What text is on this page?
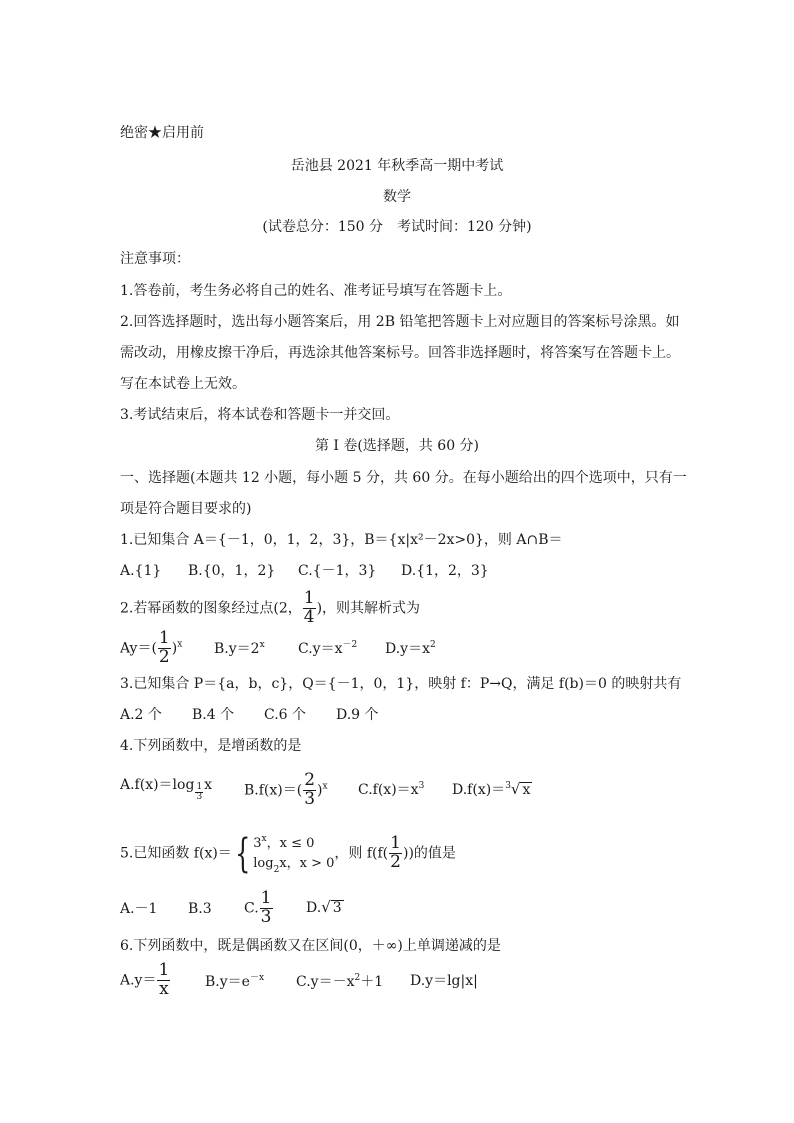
绝密★启用前
岳池县 2021 年秋季高一期中考试
数学
(试卷总分：150 分　考试时间：120 分钟)
注意事项：
1.答卷前，考生务必将自己的姓名、准考证号填写在答题卡上。
2.回答选择题时，选出每小题答案后，用 2B 铅笔把答题卡上对应题目的答案标号涂黑。如
需改动，用橡皮擦干净后，再选涂其他答案标号。回答非选择题时，将答案写在答题卡上。
写在本试卷上无效。
3.考试结束后，将本试卷和答题卡一并交回。
第 I 卷(选择题，共 60 分)
一、选择题(本题共 12 小题，每小题 5 分，共 60 分。在每小题给出的四个选项中，只有一
项是符合题目要求的)
1.已知集合 A＝{－1，0，1，2，3}，B＝{x|x²－2x>0}，则 A∩B＝
A.{1} B.{0，1，2} C.{－1，3} D.{1，2，3}
2.若幂函数的图象经过点(2， $\frac{1}{4}$ )，则其解析式为
$Ay=( \frac{1}{2} )^x$ $B.y=2^x$ $C.y=x^{-2}$ $D.y=x^2$
3.已知集合 P＝{a，b，c}，Q＝{－1，0，1}，映射 f：P→Q，满足 f(b)＝0 的映射共有
A.2 个 B.4 个 C.6 个 D.9 个
4.下列函数中，是增函数的是
$A.f(x)=\log \frac{1}{3}$ x $B.f(x)=( \frac{2}{3} )^x$ $C.f(x)=x^3$ D.f(x)＝$^3$√ x
5.已知函数 f(x)＝{ 3$^x$，x ≤ 0
$\log_2x$，x > 0
，则 $f(f( \frac{1}{2}$ ))的值是
A.－1 B.3 C. $\frac{1}{3} D.√$ 3
6.下列函数中，既是偶函数又在区间(0，＋∞)上单调递减的是
$A.y= \frac{1}{x} B.y=e^{-x}$ $C.y=-x^2+1$ D.y＝lg|x|
